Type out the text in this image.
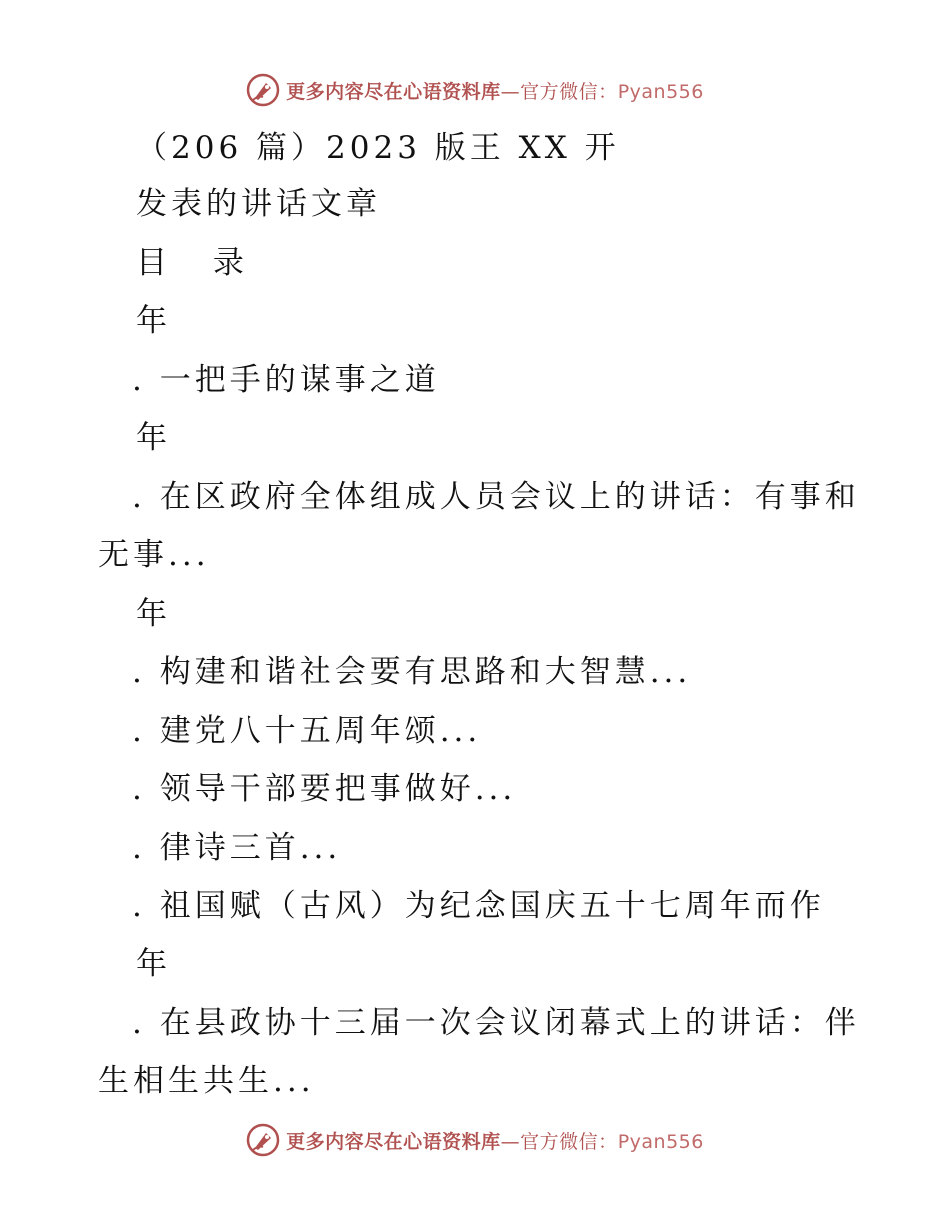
更多内容尽在心语资料库—官方微信：Pyan556
（206 篇）2023 版王 XX 开
发表的讲话文章
目 录
年
. 一把手的谋事之道
年
. 在区政府全体组成人员会议上的讲话：有事和
无事...
年
. 构建和谐社会要有思路和大智慧...
. 建党八十五周年颂...
. 领导干部要把事做好...
. 律诗三首...
. 祖国赋（古风）为纪念国庆五十七周年而作
年
. 在县政协十三届一次会议闭幕式上的讲话：伴
生相生共生...
更多内容尽在心语资料库—官方微信：Pyan556
